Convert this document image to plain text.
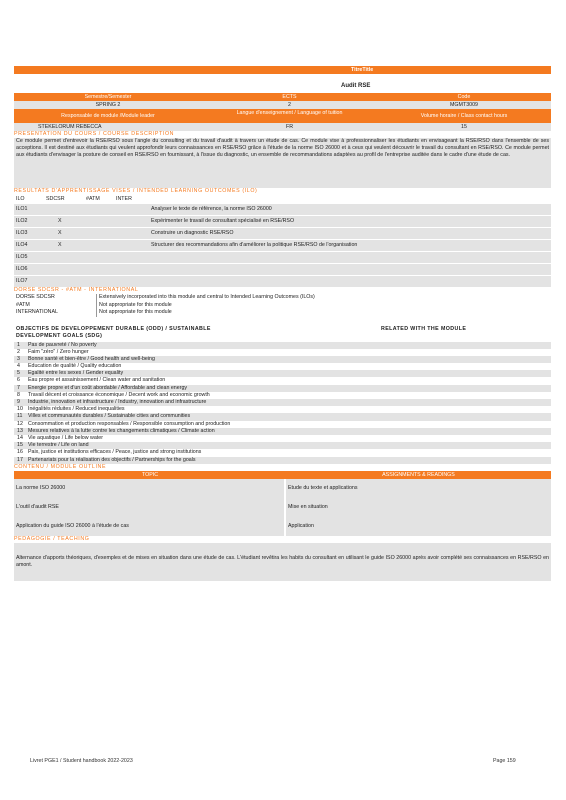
TitreTitle
Audit RSE
Semestre/Semester	ECTS	Code
SPRING 2	2	MGMT3009
Responsable de module /Module leader	Langue d'enseignement / Language of tuition	Volume horaire / Class contact hours
STEKELORUM REBECCA	FR	15
PRESENTATION DU COURS / COURSE DESCRIPTION
Ce module permet d'entrevoir la RSE/RSO sous l'angle du consulting et du travail d'audit à travers un étude de cas. Ce module vise à professionnaliser les étudiants en envisageant la RSE/RSO dans l'ensemble de ses acceptions. Il est destiné aux étudiants qui veulent approfondir leurs connaissances en RSE/RSO grâce à l'étude de la norme ISO 26000 et à ceux qui veulent découvrir le travail du consultant en RSE/RSO. Ce module permet aux étudiants d'envisager la posture de conseil en RSE/RSO en fournissant, à l'issue du diagnostic, un ensemble de recommandations adaptées au profil de l'entreprise auditée dans le cadre d'une étude de cas.
RESULTATS D'APPRENTISSAGE VISES / INTENDED LEARNING OUTCOMES (ILO)
ILO	SDCSR	#ATM	INTER
ILO1	Analyser le texte de référence, la norme ISO 26000
ILO2	X	Expérimenter le travail de consultant spécialisé en RSE/RSO
ILO3	X	Construire un diagnostic RSE/RSO
ILO4	X	Structurer des recommandations afin d'améliorer la politique RSE/RSO de l'organisation
ILO5
ILO6
ILO7
DORSE SDCSR - #ATM - INTERNATIONAL
DORSE SDCSR	Extensively incorporated into this module and central to Intended Learning Outcomes (ILOs)
#ATM	Not appropriate for this module
INTERNATIONAL	Not appropriate for this module
OBJECTIFS DE DEVELOPPEMENT DURABLE (ODD) / SUSTAINABLE DEVELOPMENT GOALS (SDG)
RELATED WITH THE MODULE
1	Pas de pauvreté / No poverty
2	Faim "zéro" / Zero hunger
3	Bonne santé et bien-être / Good health and well-being
4	Education de qualité / Quality education
5	Egalité entre les sexes / Gender equality
6	Eau propre et assainissement / Clean water and sanitation
7	Energie propre et d'un coût abordable / Affordable and clean energy
8	Travail décent et croissance économique / Decent work and economic growth
9	Industrie, innovation et infrastructure / Industry, innovation and infrastructure
10 Inégalités réduites / Reduced inequalities
11	Villes et communautés durables / Sustainable cities and communities
12 Consommation et production responsables / Responsible consumption and production
13 Mesures relatives à la lutte contre les changements climatiques / Climate action
14 Vie aquatique / Life below water
15 Vie terrestre / Life on land
16 Paix, justice et institutions efficaces / Peace, justice and strong institutions
17 Partenariats pour la réalisation des objectifs / Partnerships for the goals
CONTENU / MODULE OUTLINE
TOPIC	ASSIGNMENTS & READINGS
La norme ISO 26000	Etude du texte et applications
L'outil d'audit RSE	Mise en situation
Application du guide ISO 26000 à l'étude de cas	Application
PEDAGOGIE / TEACHING
Alternance d'apports théoriques, d'exemples et de mises en situation dans une étude de cas. L'étudiant revêtira les habits du consultant en utilisant le guide ISO 26000 après avoir complété ses connaissances en RSE/RSO en amont.
Livret PGE1 / Student handbook 2022-2023	Page 159
